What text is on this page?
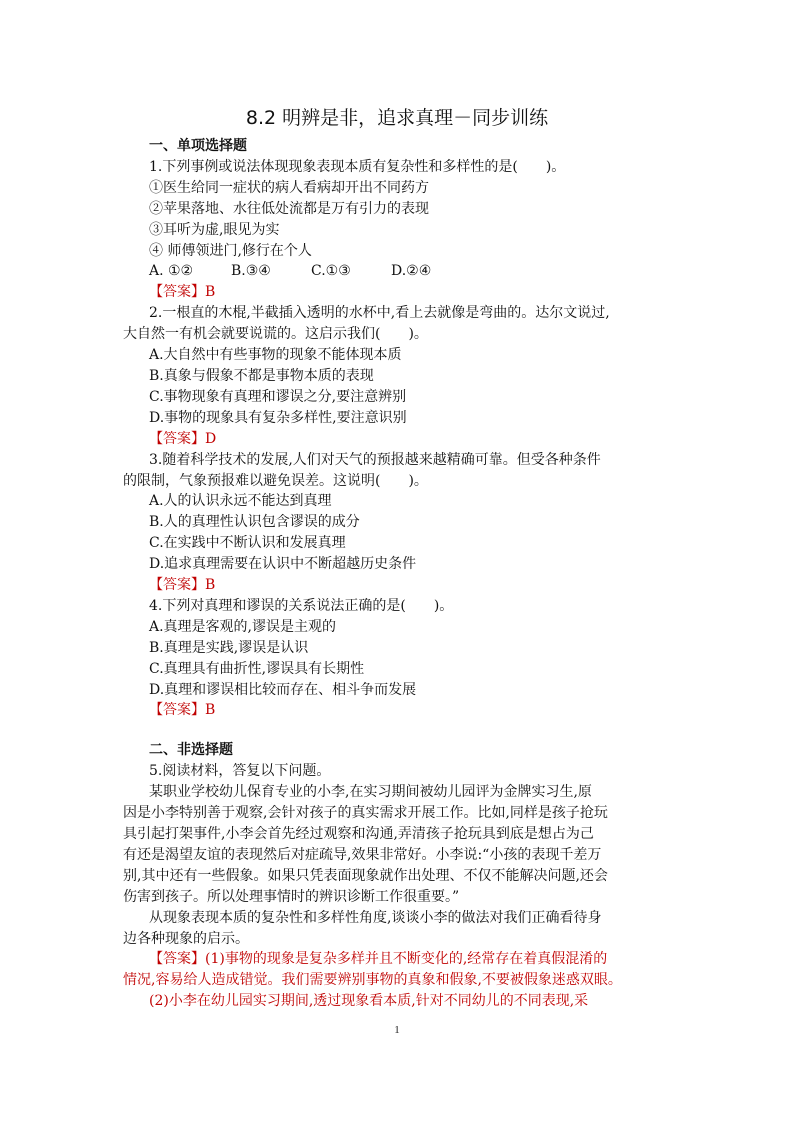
8.2 明辨是非，追求真理－同步训练
一、单项选择题
1.下列事例或说法体现现象表现本质有复杂性和多样性的是(　　)。
①医生给同一症状的病人看病却开出不同药方
②苹果落地、水往低处流都是万有引力的表现
③耳听为虚,眼见为实
④ 师傅领进门,修行在个人
A. ①②	B.③④	C.①③	D.②④
【答案】B
2.一根直的木棍,半截插入透明的水杯中,看上去就像是弯曲的。达尔文说过,
大自然一有机会就要说谎的。这启示我们(　　)。
A.大自然中有些事物的现象不能体现本质
B.真象与假象不都是事物本质的表现
C.事物现象有真理和谬误之分,要注意辨别
D.事物的现象具有复杂多样性,要注意识别
【答案】D
3.随着科学技术的发展,人们对天气的预报越来越精确可靠。但受各种条件
的限制，气象预报难以避免误差。这说明(　　)。
A.人的认识永远不能达到真理
B.人的真理性认识包含谬误的成分
C.在实践中不断认识和发展真理
D.追求真理需要在认识中不断超越历史条件
【答案】B
4.下列对真理和谬误的关系说法正确的是(　　)。
A.真理是客观的,谬误是主观的
B.真理是实践,谬误是认识
C.真理具有曲折性,谬误具有长期性
D.真理和谬误相比较而存在、相斗争而发展
【答案】B
二、非选择题
5.阅读材料，答复以下问题。
某职业学校幼儿保育专业的小李,在实习期间被幼儿园评为金牌实习生,原
因是小李特别善于观察,会针对孩子的真实需求开展工作。比如,同样是孩子抢玩
具引起打架事件,小李会首先经过观察和沟通,弄清孩子抢玩具到底是想占为己
有还是渴望友谊的表现然后对症疏导,效果非常好。小李说:“小孩的表现千差万
别,其中还有一些假象。如果只凭表面现象就作出处理、不仅不能解决问题,还会
伤害到孩子。所以处理事情时的辨识诊断工作很重要。”
从现象表现本质的复杂性和多样性角度,谈谈小李的做法对我们正确看待身
边各种现象的启示。
【答案】(1)事物的现象是复杂多样并且不断变化的,经常存在着真假混淆的
情况,容易给人造成错觉。我们需要辨别事物的真象和假象,不要被假象迷惑双眼。
(2)小李在幼儿园实习期间,透过现象看本质,针对不同幼儿的不同表现,采
1
